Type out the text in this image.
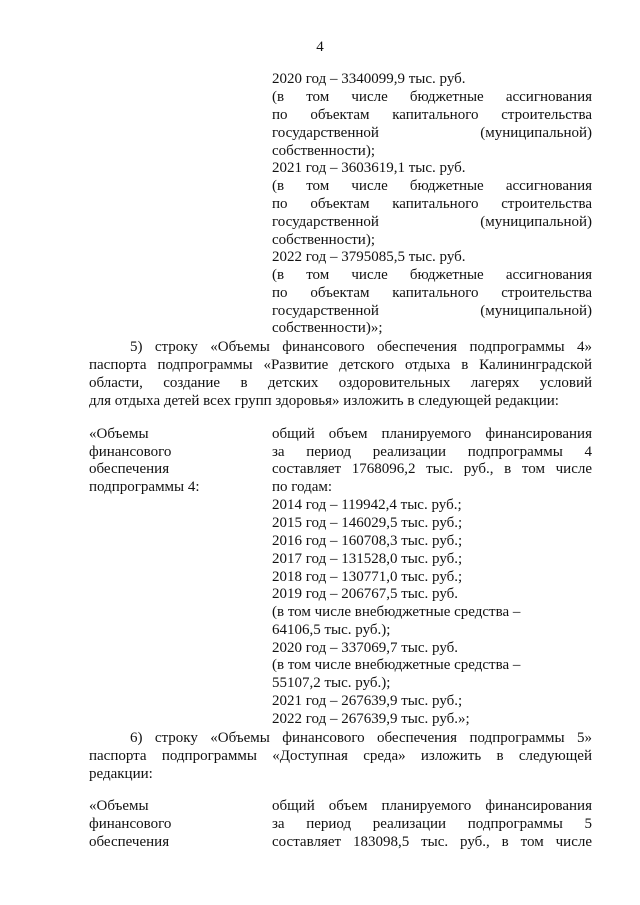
4
2020 год – 3340099,9 тыс. руб.
(в том числе бюджетные ассигнования
по объектам капитального строительства
государственной (муниципальной)
собственности);
2021 год – 3603619,1 тыс. руб.
(в том числе бюджетные ассигнования
по объектам капитального строительства
государственной (муниципальной)
собственности);
2022 год – 3795085,5 тыс. руб.
(в том числе бюджетные ассигнования
по объектам капитального строительства
государственной (муниципальной)
собственности)»;
5) строку «Объемы финансового обеспечения подпрограммы 4»
паспорта подпрограммы «Развитие детского отдыха в Калининградской
области, создание в детских оздоровительных лагерях условий
для отдыха детей всех групп здоровья» изложить в следующей редакции:
«Объемы
финансового
обеспечения
подпрограммы 4:
общий объем планируемого финансирования
за период реализации подпрограммы 4
составляет 1768096,2 тыс. руб., в том числе
по годам:
2014 год – 119942,4 тыс. руб.;
2015 год – 146029,5 тыс. руб.;
2016 год – 160708,3 тыс. руб.;
2017 год – 131528,0 тыс. руб.;
2018 год – 130771,0 тыс. руб.;
2019 год – 206767,5 тыс. руб.
(в том числе внебюджетные средства –
64106,5 тыс. руб.);
2020 год – 337069,7 тыс. руб.
(в том числе внебюджетные средства –
55107,2 тыс. руб.);
2021 год – 267639,9 тыс. руб.;
2022 год – 267639,9 тыс. руб.»;
6) строку «Объемы финансового обеспечения подпрограммы 5»
паспорта подпрограммы «Доступная среда» изложить в следующей
редакции:
«Объемы
финансового
обеспечения
общий объем планируемого финансирования
за период реализации подпрограммы 5
составляет 183098,5 тыс. руб., в том числе
